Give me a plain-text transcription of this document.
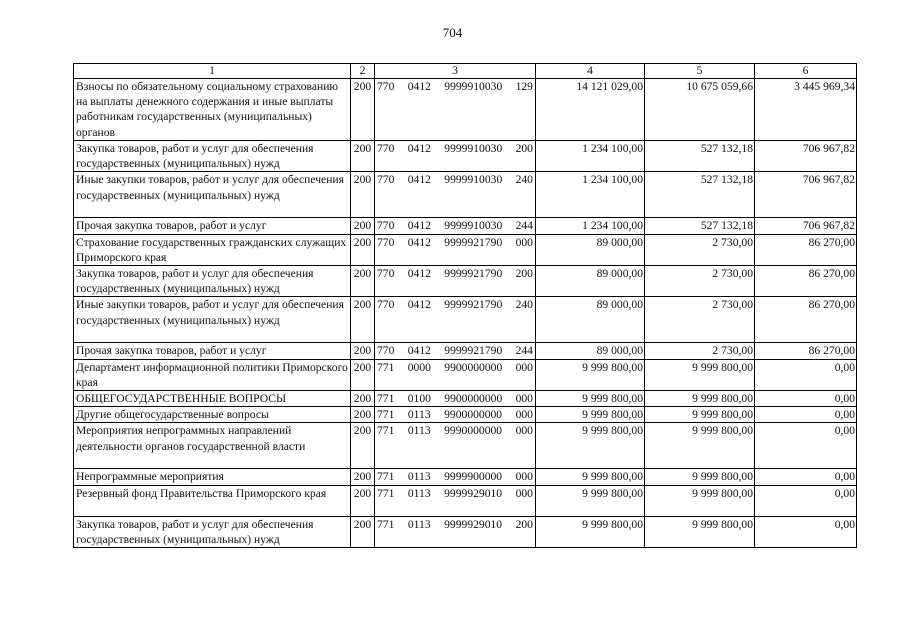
704
1	2	3	4	5	6
Взносы по обязательному социальному страхованию на выплаты денежного содержания и иные выплаты работникам государственных (муниципальных) органов	200	770 0412 9999910030 129	14 121 029,00	10 675 059,66	3 445 969,34
Закупка товаров, работ и услуг для обеспечения государственных (муниципальных) нужд	200	770 0412 9999910030 200	1 234 100,00	527 132,18	706 967,82
Иные закупки товаров, работ и услуг для обеспечения государственных (муниципальных) нужд	200	770 0412 9999910030 240	1 234 100,00	527 132,18	706 967,82
Прочая закупка товаров, работ и услуг	200	770 0412 9999910030 244	1 234 100,00	527 132,18	706 967,82
Страхование государственных гражданских служащих Приморского края	200	770 0412 9999921790 000	89 000,00	2 730,00	86 270,00
Закупка товаров, работ и услуг для обеспечения государственных (муниципальных) нужд	200	770 0412 9999921790 200	89 000,00	2 730,00	86 270,00
Иные закупки товаров, работ и услуг для обеспечения государственных (муниципальных) нужд	200	770 0412 9999921790 240	89 000,00	2 730,00	86 270,00
Прочая закупка товаров, работ и услуг	200	770 0412 9999921790 244	89 000,00	2 730,00	86 270,00
Департамент информационной политики Приморского края	200	771 0000 9900000000 000	9 999 800,00	9 999 800,00	0,00
ОБЩЕГОСУДАРСТВЕННЫЕ ВОПРОСЫ	200	771 0100 9900000000 000	9 999 800,00	9 999 800,00	0,00
Другие общегосударственные вопросы	200	771 0113 9900000000 000	9 999 800,00	9 999 800,00	0,00
Мероприятия непрограммных направлений деятельности органов государственной власти	200	771 0113 9990000000 000	9 999 800,00	9 999 800,00	0,00
Непрограммные мероприятия	200	771 0113 9999900000 000	9 999 800,00	9 999 800,00	0,00
Резервный фонд Правительства Приморского края	200	771 0113 9999929010 000	9 999 800,00	9 999 800,00	0,00
Закупка товаров, работ и услуг для обеспечения государственных (муниципальных) нужд	200	771 0113 9999929010 200	9 999 800,00	9 999 800,00	0,00
